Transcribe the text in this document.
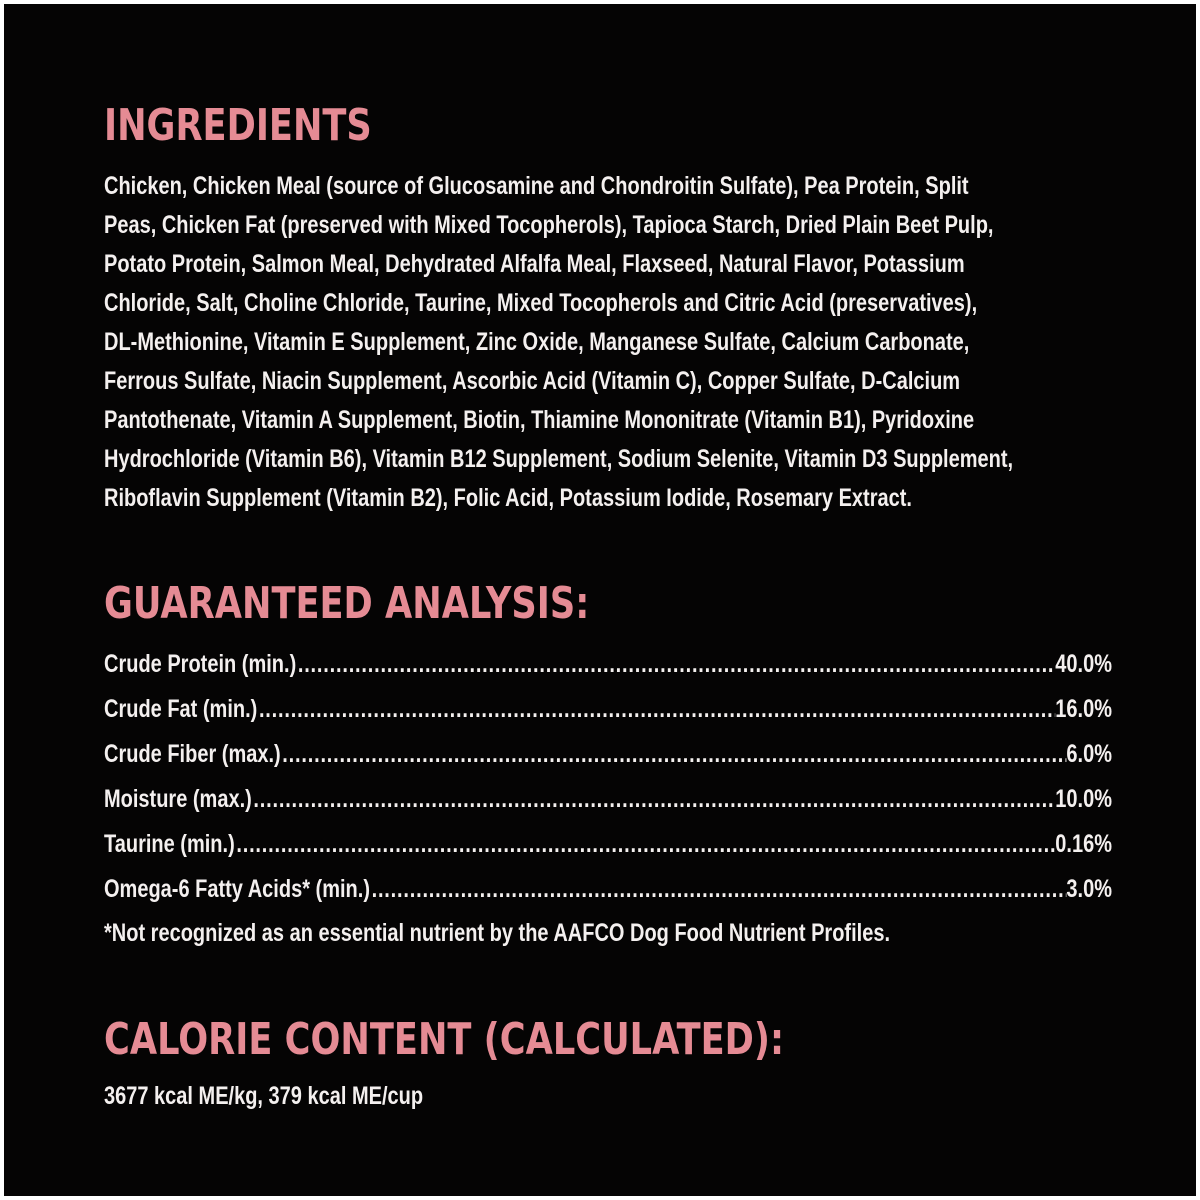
INGREDIENTS
Chicken, Chicken Meal (source of Glucosamine and Chondroitin Sulfate), Pea Protein, Split
Peas, Chicken Fat (preserved with Mixed Tocopherols), Tapioca Starch, Dried Plain Beet Pulp,
Potato Protein, Salmon Meal, Dehydrated Alfalfa Meal, Flaxseed, Natural Flavor, Potassium
Chloride, Salt, Choline Chloride, Taurine, Mixed Tocopherols and Citric Acid (preservatives),
DL-Methionine, Vitamin E Supplement, Zinc Oxide, Manganese Sulfate, Calcium Carbonate,
Ferrous Sulfate, Niacin Supplement, Ascorbic Acid (Vitamin C), Copper Sulfate, D-Calcium
Pantothenate, Vitamin A Supplement, Biotin, Thiamine Mononitrate (Vitamin B1), Pyridoxine
Hydrochloride (Vitamin B6), Vitamin B12 Supplement, Sodium Selenite, Vitamin D3 Supplement,
Riboflavin Supplement (Vitamin B2), Folic Acid, Potassium Iodide, Rosemary Extract.
GUARANTEED ANALYSIS:
Crude Protein (min.) .....	40.0%
Crude Fat (min.) .....	16.0%
Crude Fiber (max.) .....	6.0%
Moisture (max.) .....	10.0%
Taurine (min.) .....	0.16%
Omega-6 Fatty Acids* (min.) .....	3.0%

*Not recognized as an essential nutrient by the AAFCO Dog Food Nutrient Profiles.

CALORIE CONTENT (CALCULATED):

3677 kcal ME/kg, 379 kcal ME/cup
